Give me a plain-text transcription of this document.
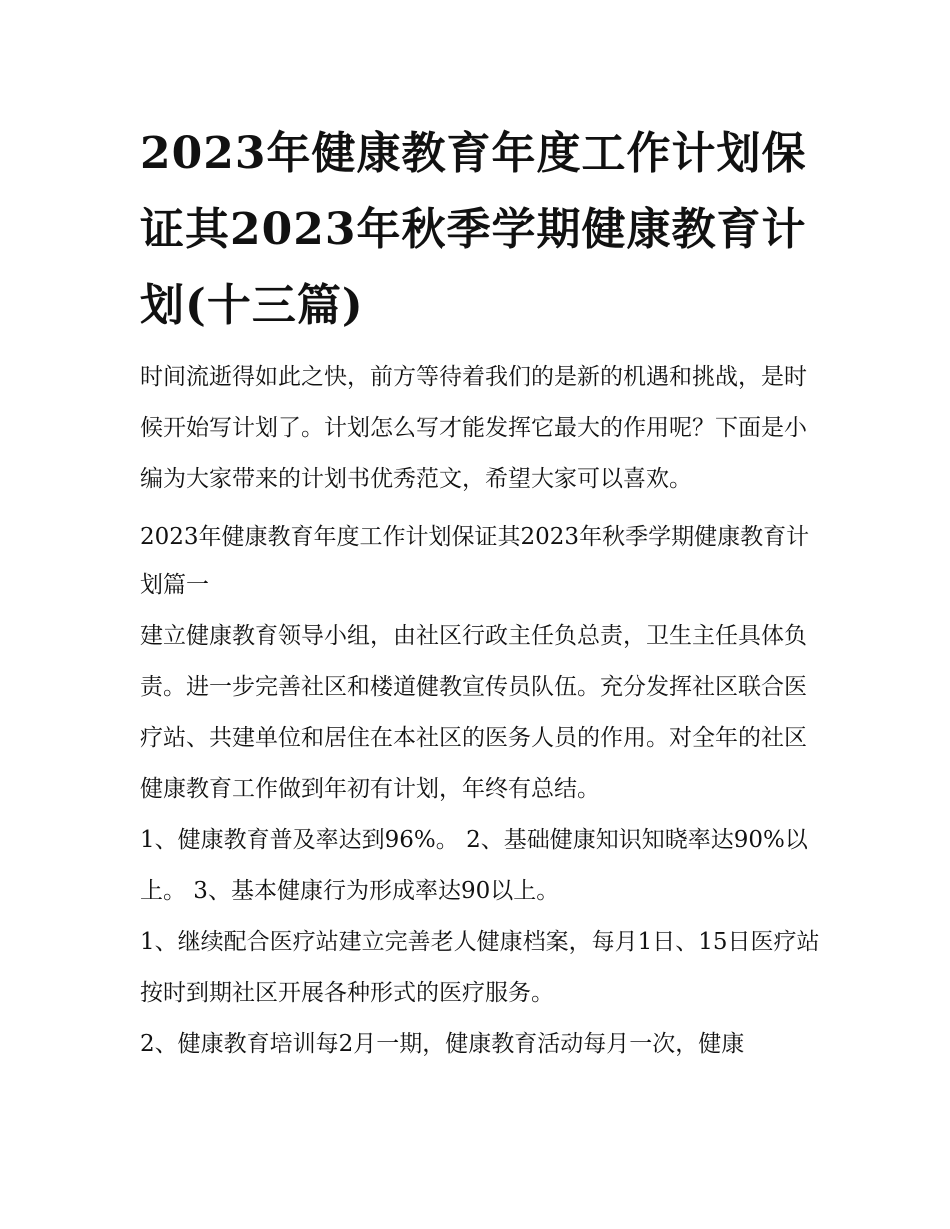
2023年健康教育年度工作计划保证其2023年秋季学期健康教育计划(十三篇)

时间流逝得如此之快，前方等待着我们的是新的机遇和挑战，是时候开始写计划了。计划怎么写才能发挥它最大的作用呢？下面是小编为大家带来的计划书优秀范文，希望大家可以喜欢。

2023年健康教育年度工作计划保证其2023年秋季学期健康教育计划篇一

建立健康教育领导小组，由社区行政主任负总责，卫生主任具体负责。进一步完善社区和楼道健教宣传员队伍。充分发挥社区联合医疗站、共建单位和居住在本社区的医务人员的作用。对全年的社区健康教育工作做到年初有计划，年终有总结。

1、健康教育普及率达到96%。 2、基础健康知识知晓率达90%以上。 3、基本健康行为形成率达90以上。

1、继续配合医疗站建立完善老人健康档案，每月1日、15日医疗站按时到期社区开展各种形式的医疗服务。

2、健康教育培训每2月一期，健康教育活动每月一次，健康
